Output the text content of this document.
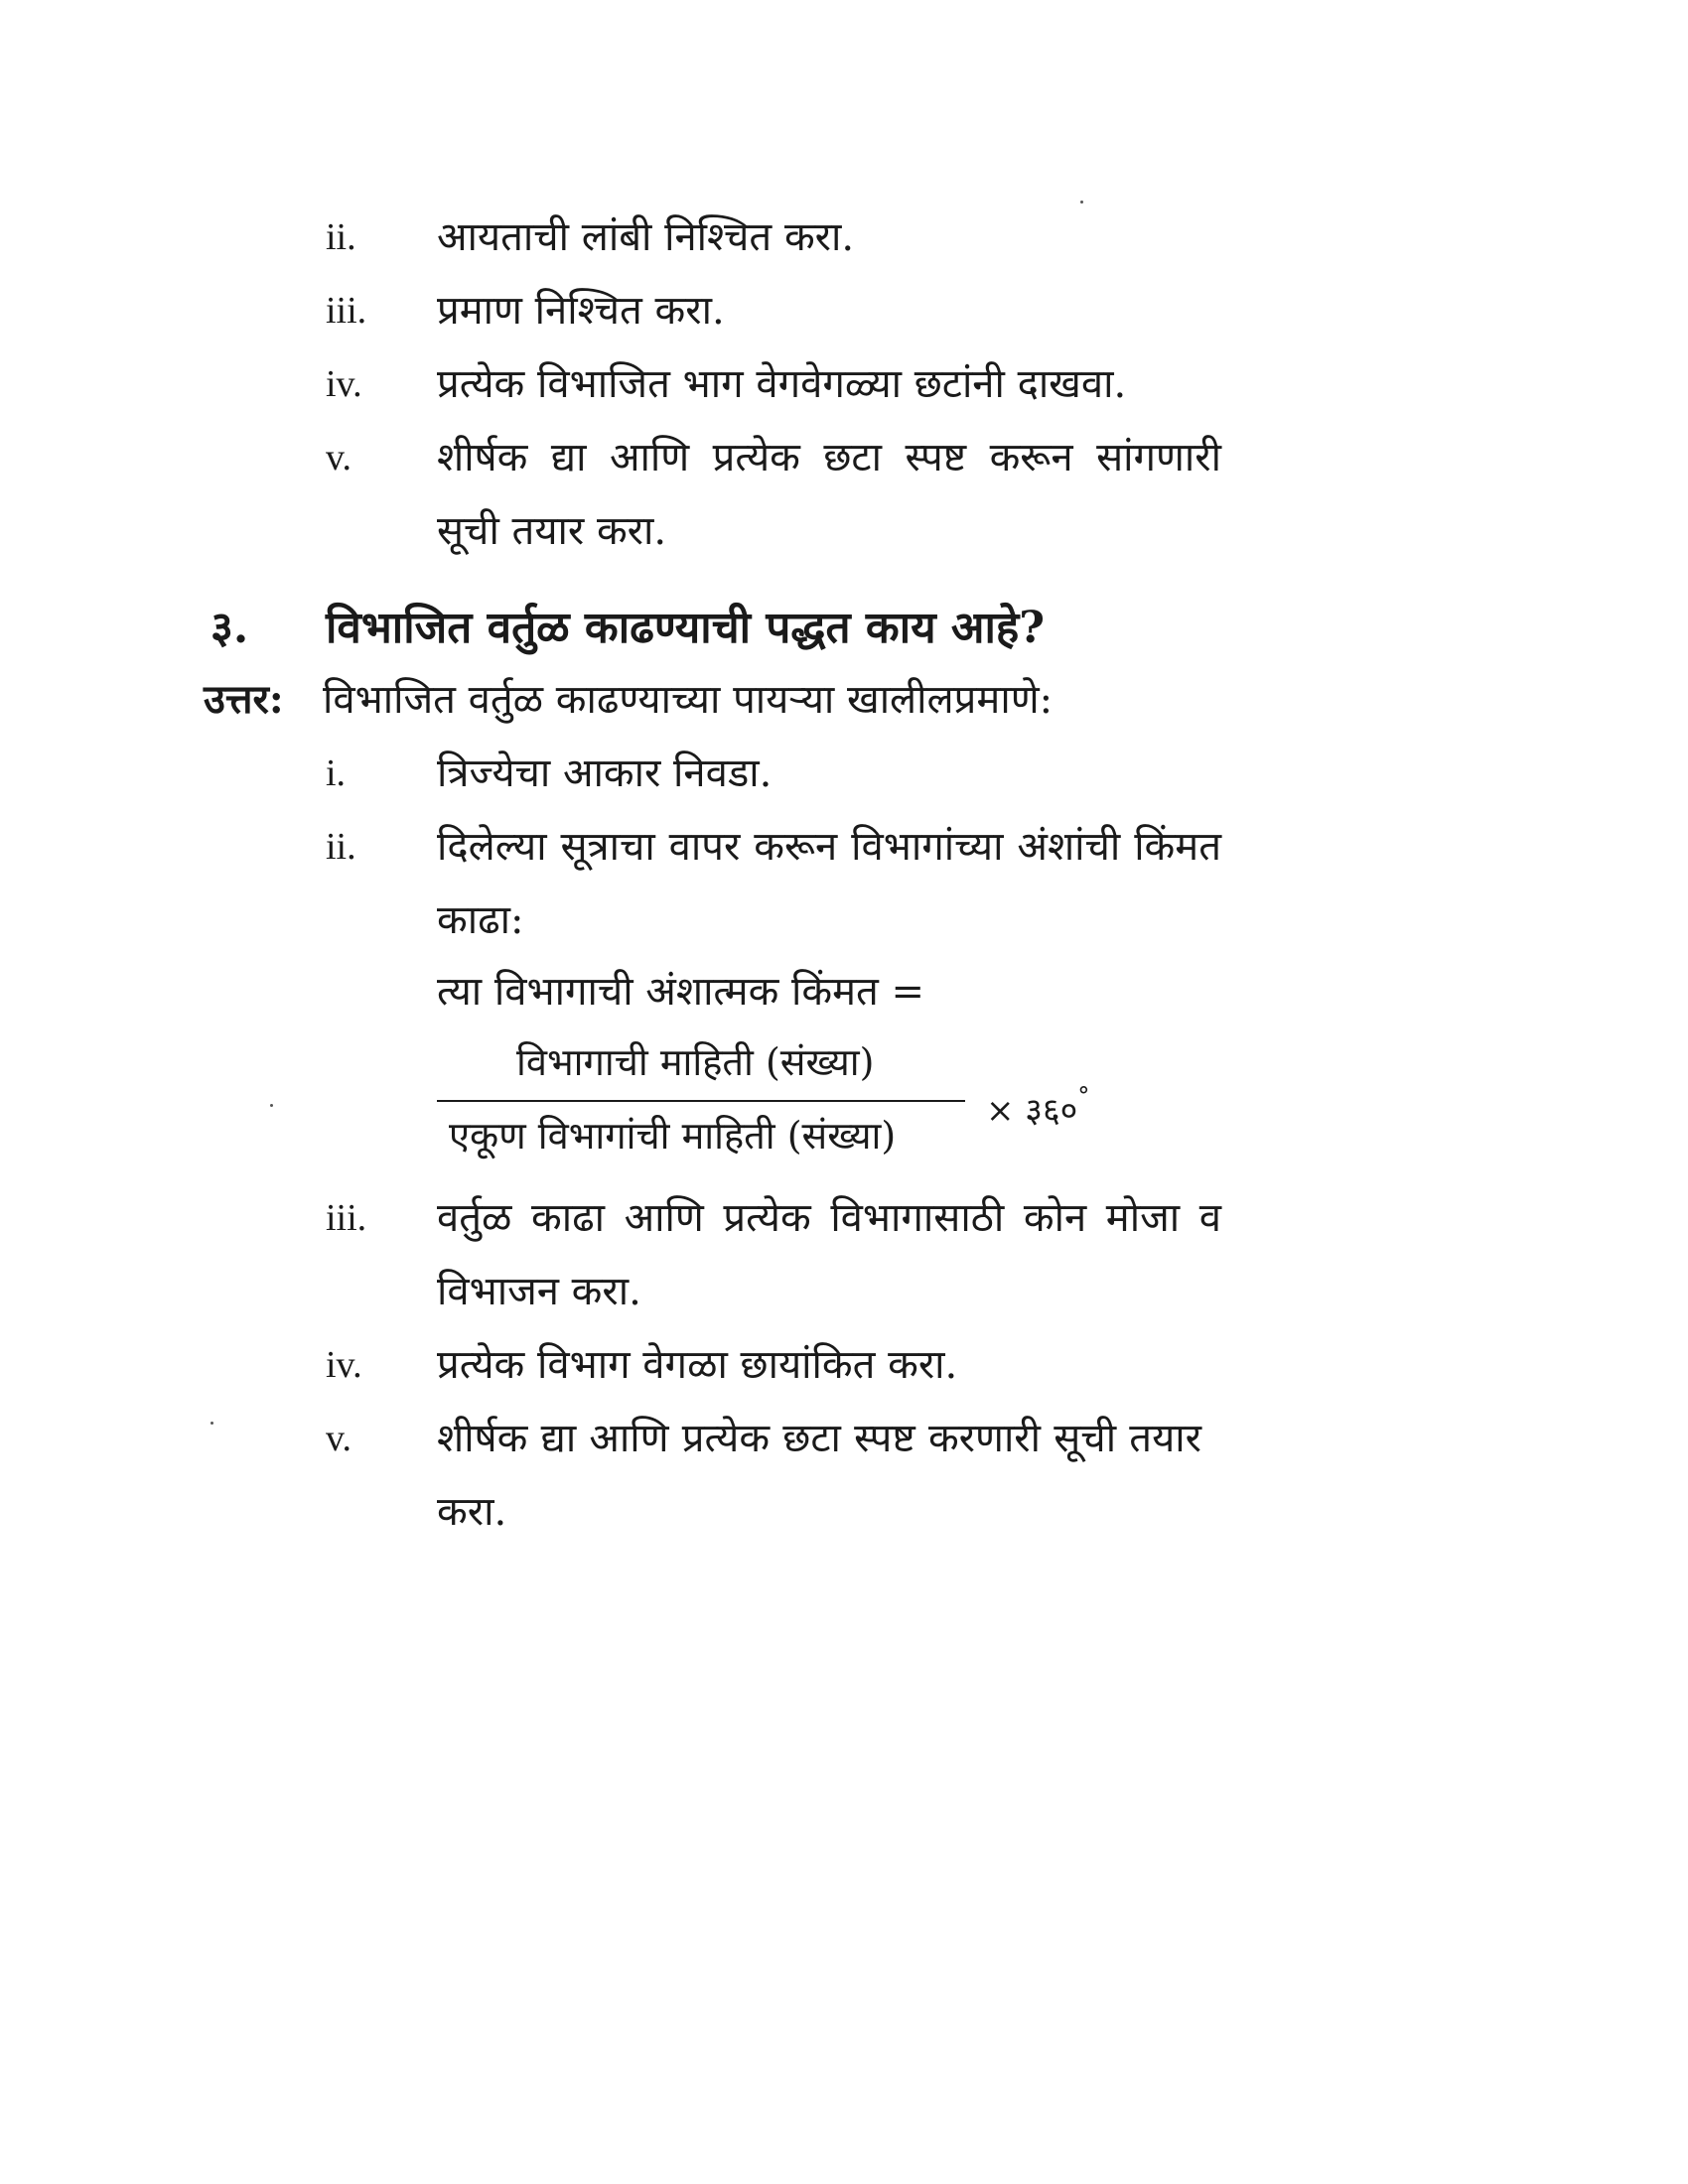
ii. आयताची लांबी निश्चित करा.
iii. प्रमाण निश्चित करा.
iv. प्रत्येक विभाजित भाग वेगवेगळ्या छटांनी दाखवा.
v. शीर्षक द्या आणि प्रत्येक छटा स्पष्ट करून सांगणारी सूची तयार करा.
३. विभाजित वर्तुळ काढण्याची पद्धत काय आहे?
उत्तर: विभाजित वर्तुळ काढण्याच्या पायऱ्या खालीलप्रमाणे:
i. त्रिज्येचा आकार निवडा.
ii. दिलेल्या सूत्राचा वापर करून विभागांच्या अंशांची किंमत काढा:
त्या विभागाची अंशात्मक किंमत =
विभागाची माहिती (संख्या)
एकूण विभागांची माहिती (संख्या)
× ३६०°
iii. वर्तुळ काढा आणि प्रत्येक विभागासाठी कोन मोजा व विभाजन करा.
iv. प्रत्येक विभाग वेगळा छायांकित करा.
v. शीर्षक द्या आणि प्रत्येक छटा स्पष्ट करणारी सूची तयार करा.
